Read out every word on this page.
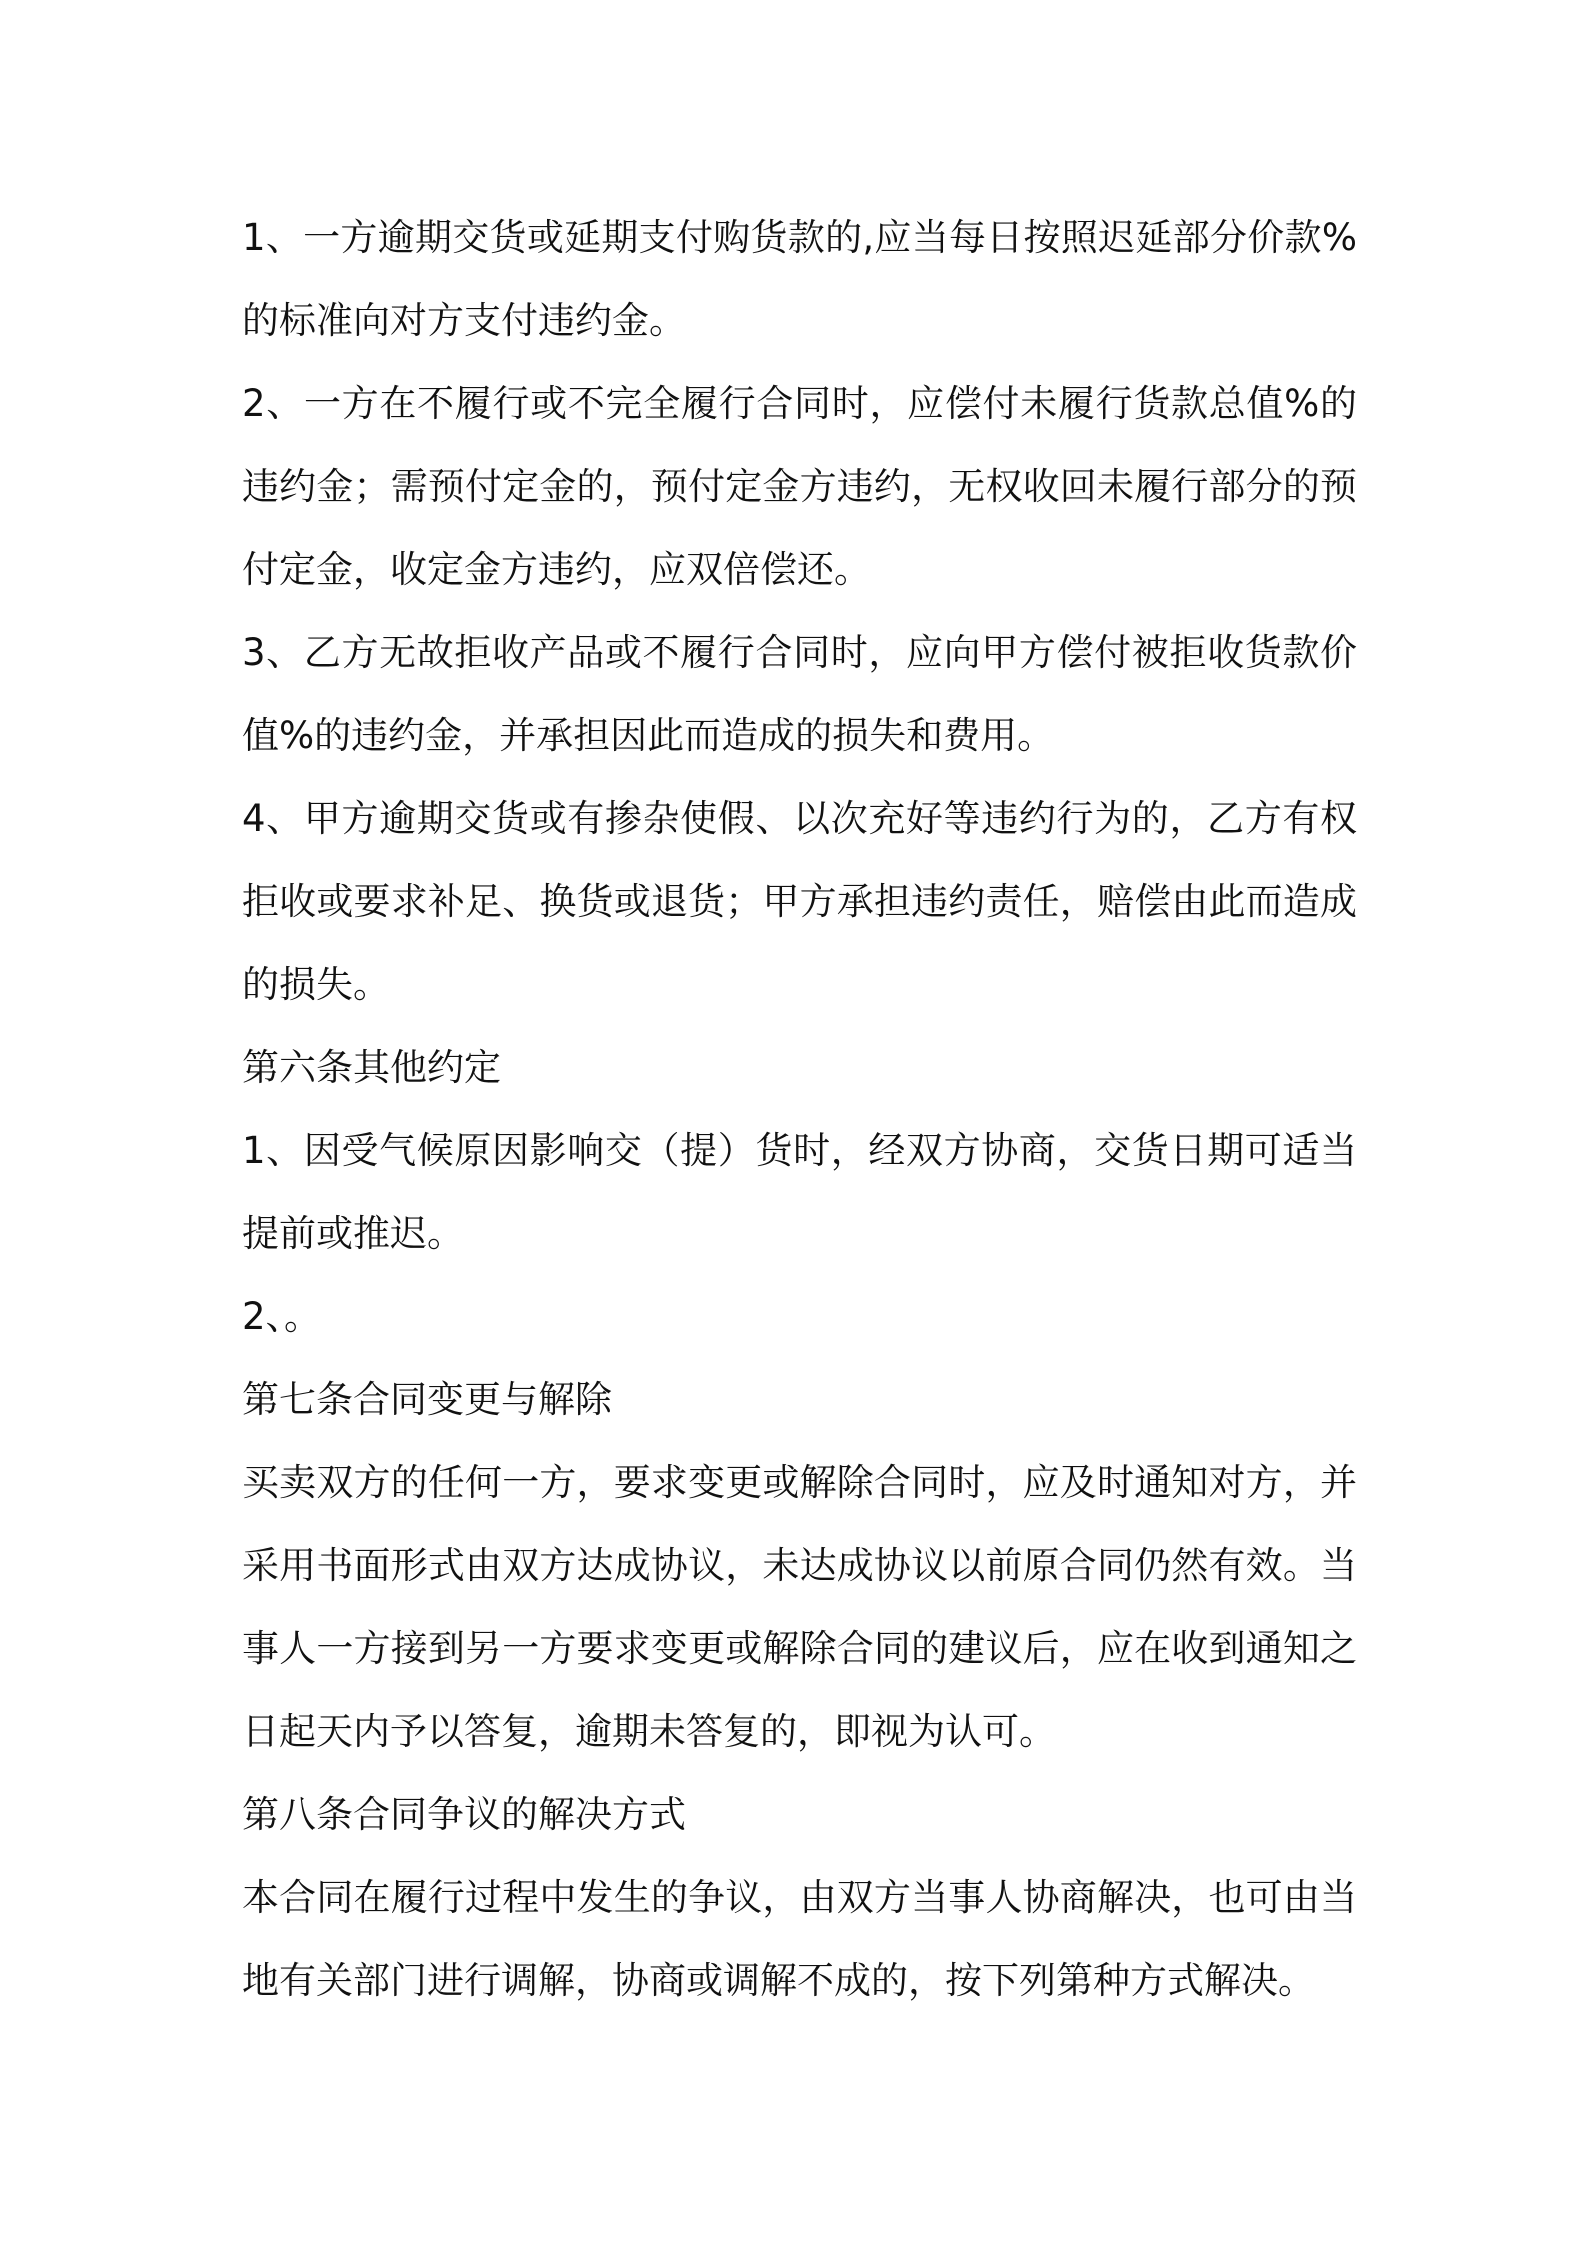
1、一方逾期交货或延期支付购货款的,应当每日按照迟延部分价款%的标准向对方支付违约金。

2、一方在不履行或不完全履行合同时，应偿付未履行货款总值%的违约金；需预付定金的，预付定金方违约，无权收回未履行部分的预付定金，收定金方违约，应双倍偿还。

3、乙方无故拒收产品或不履行合同时，应向甲方偿付被拒收货款价值%的违约金，并承担因此而造成的损失和费用。

4、甲方逾期交货或有掺杂使假、以次充好等违约行为的，乙方有权拒收或要求补足、换货或退货；甲方承担违约责任，赔偿由此而造成的损失。

第六条其他约定

1、因受气候原因影响交（提）货时，经双方协商，交货日期可适当提前或推迟。

2、。

第七条合同变更与解除

买卖双方的任何一方，要求变更或解除合同时，应及时通知对方，并采用书面形式由双方达成协议，未达成协议以前原合同仍然有效。当事人一方接到另一方要求变更或解除合同的建议后，应在收到通知之日起天内予以答复，逾期未答复的，即视为认可。

第八条合同争议的解决方式

本合同在履行过程中发生的争议，由双方当事人协商解决，也可由当地有关部门进行调解，协商或调解不成的，按下列第种方式解决。
